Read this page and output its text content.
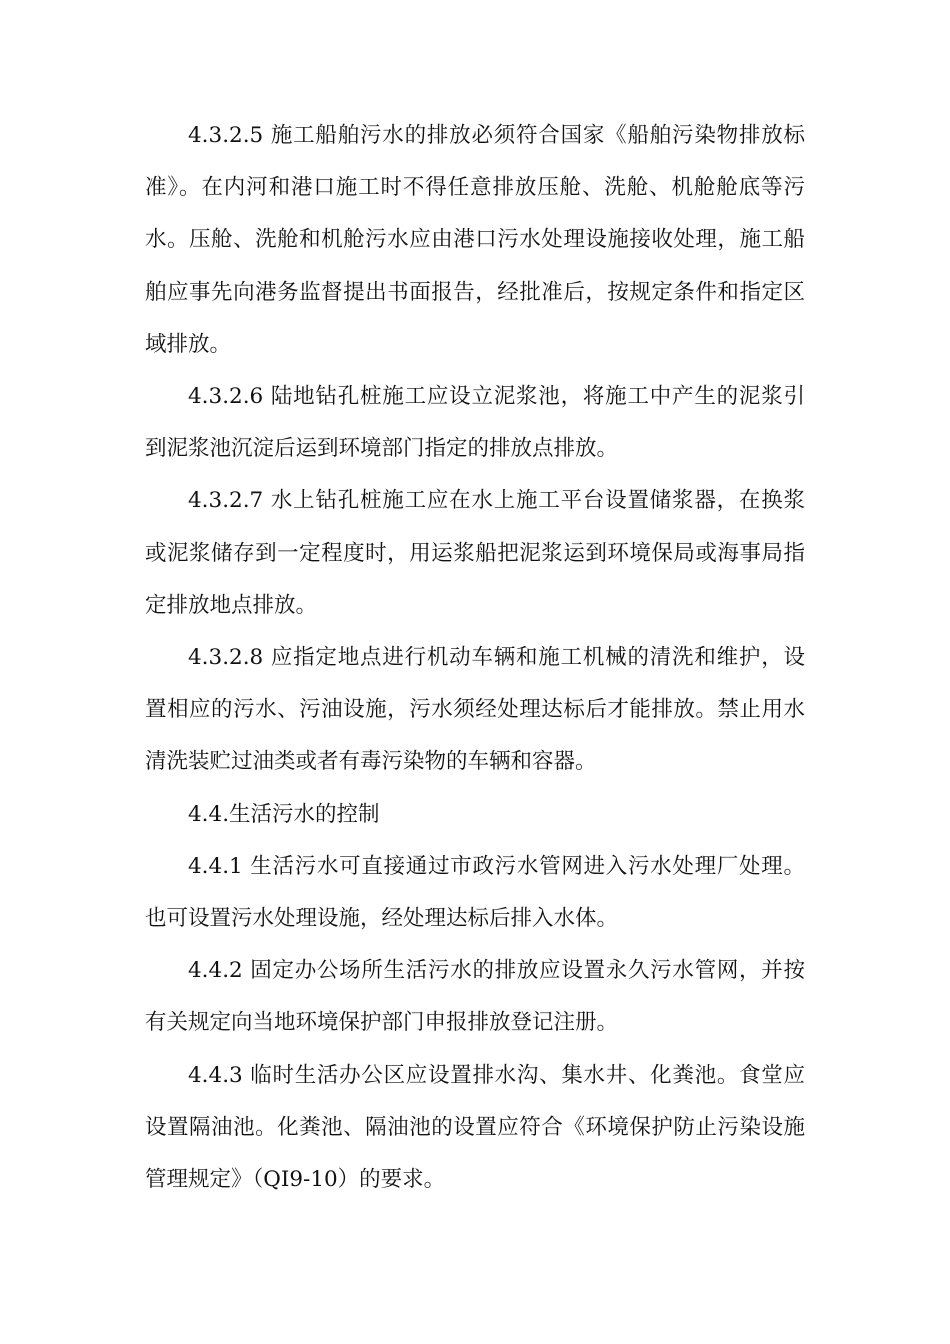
4.3.2.5 施工船舶污水的排放必须符合国家《船舶污染物排放标准》。在内河和港口施工时不得任意排放压舱、洗舱、机舱舱底等污水。压舱、洗舱和机舱污水应由港口污水处理设施接收处理，施工船舶应事先向港务监督提出书面报告，经批准后，按规定条件和指定区域排放。

4.3.2.6 陆地钻孔桩施工应设立泥浆池，将施工中产生的泥浆引到泥浆池沉淀后运到环境部门指定的排放点排放。

4.3.2.7 水上钻孔桩施工应在水上施工平台设置储浆器，在换浆或泥浆储存到一定程度时，用运浆船把泥浆运到环境保局或海事局指定排放地点排放。

4.3.2.8 应指定地点进行机动车辆和施工机械的清洗和维护，设置相应的污水、污油设施，污水须经处理达标后才能排放。禁止用水清洗装贮过油类或者有毒污染物的车辆和容器。

4.4.生活污水的控制

4.4.1 生活污水可直接通过市政污水管网进入污水处理厂处理。也可设置污水处理设施，经处理达标后排入水体。

4.4.2 固定办公场所生活污水的排放应设置永久污水管网，并按有关规定向当地环境保护部门申报排放登记注册。

4.4.3 临时生活办公区应设置排水沟、集水井、化粪池。食堂应设置隔油池。化粪池、隔油池的设置应符合《环境保护防止污染设施管理规定》（QI9-10）的要求。
